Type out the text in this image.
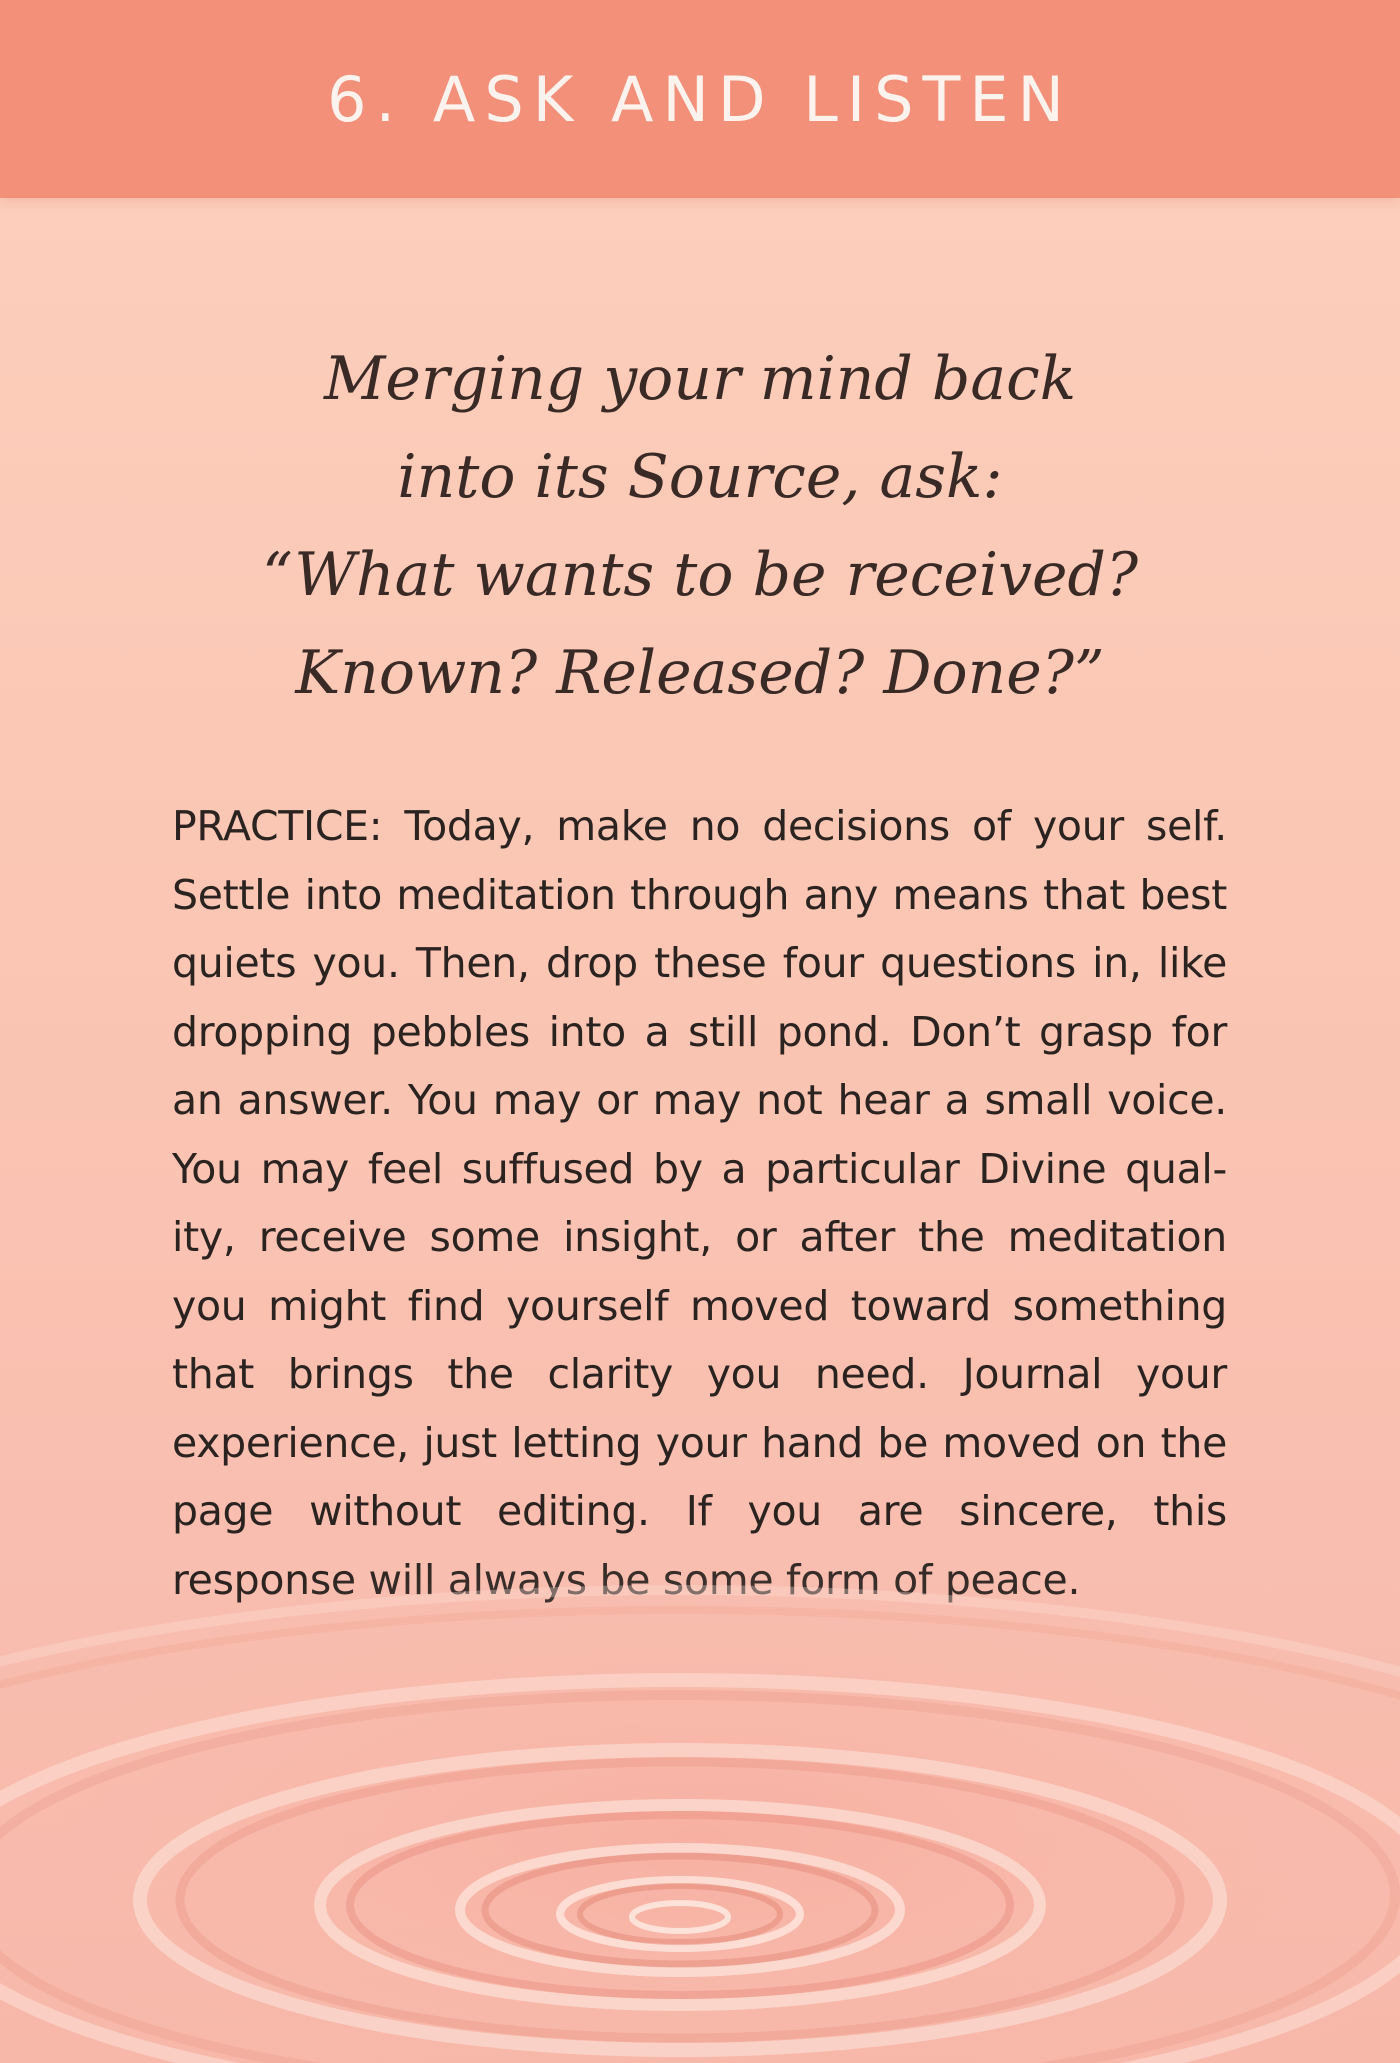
6. ASK AND LISTEN
Merging your mind back
into its Source, ask:
“What wants to be received?
Known? Released? Done?”
PRACTICE: Today, make no decisions of your self. Settle into meditation through any means that best quiets you. Then, drop these four questions in, like dropping pebbles into a still pond. Don’t grasp for an answer. You may or may not hear a small voice. You may feel suffused by a particular Divine qual-ity, receive some insight, or after the meditation you might find yourself moved toward something that brings the clarity you need. Journal your experience, just letting your hand be moved on the page without editing. If you are sincere, this
